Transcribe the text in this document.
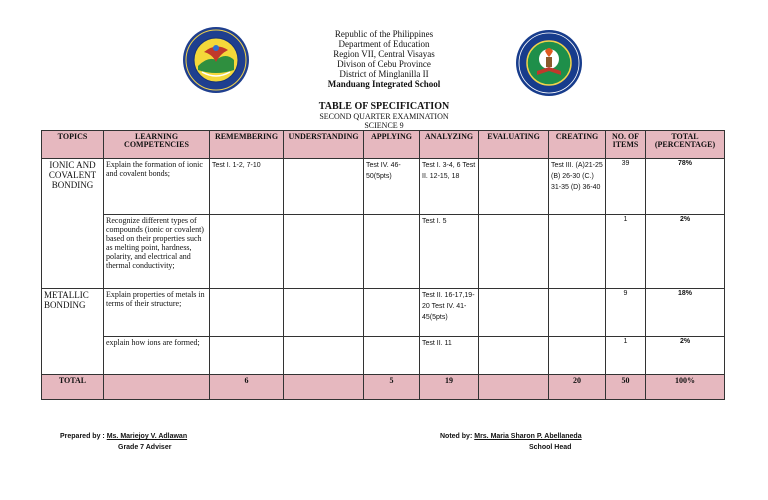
Republic of the Philippines
Department of Education
Region VII, Central Visayas
Divison of Cebu Province
District of Minglanilla II
Manduang Integrated School
TABLE OF SPECIFICATION
SECOND QUARTER EXAMINATION
SCIENCE 9
TOPICS	LEARNING COMPETENCIES	REMEMBERING	UNDERSTANDING	APPLYING	ANALYZING	EVALUATING	CREATING	NO. OF ITEMS	TOTAL (PERCENTAGE)
IONIC AND COVALENT BONDING	Explain the formation of ionic and covalent bonds;	Test I. 1-2, 7-10		Test IV. 46-50(5pts)	Test I. 3-4, 6 Test II. 12-15, 18		Test III. (A)21-25 (B) 26-30 (C.) 31-35 (D) 36-40	39	78%
	Recognize different types of compounds (ionic or covalent) based on their properties such as melting point, hardness, polarity, and electrical and thermal conductivity;				Test I. 5			1	2%
METALLIC BONDING	Explain properties of metals in terms of their structure;				Test II. 16-17,19-20 Test IV. 41-45(5pts)			9	18%
	explain how ions are formed;				Test II. 11			1	2%
TOTAL		6		5	19		20	50	100%
Prepared by : Ms. Mariejoy V. Adlawan
Grade 7 Adviser
Noted by: Mrs. Maria Sharon P. Abellaneda
School Head
